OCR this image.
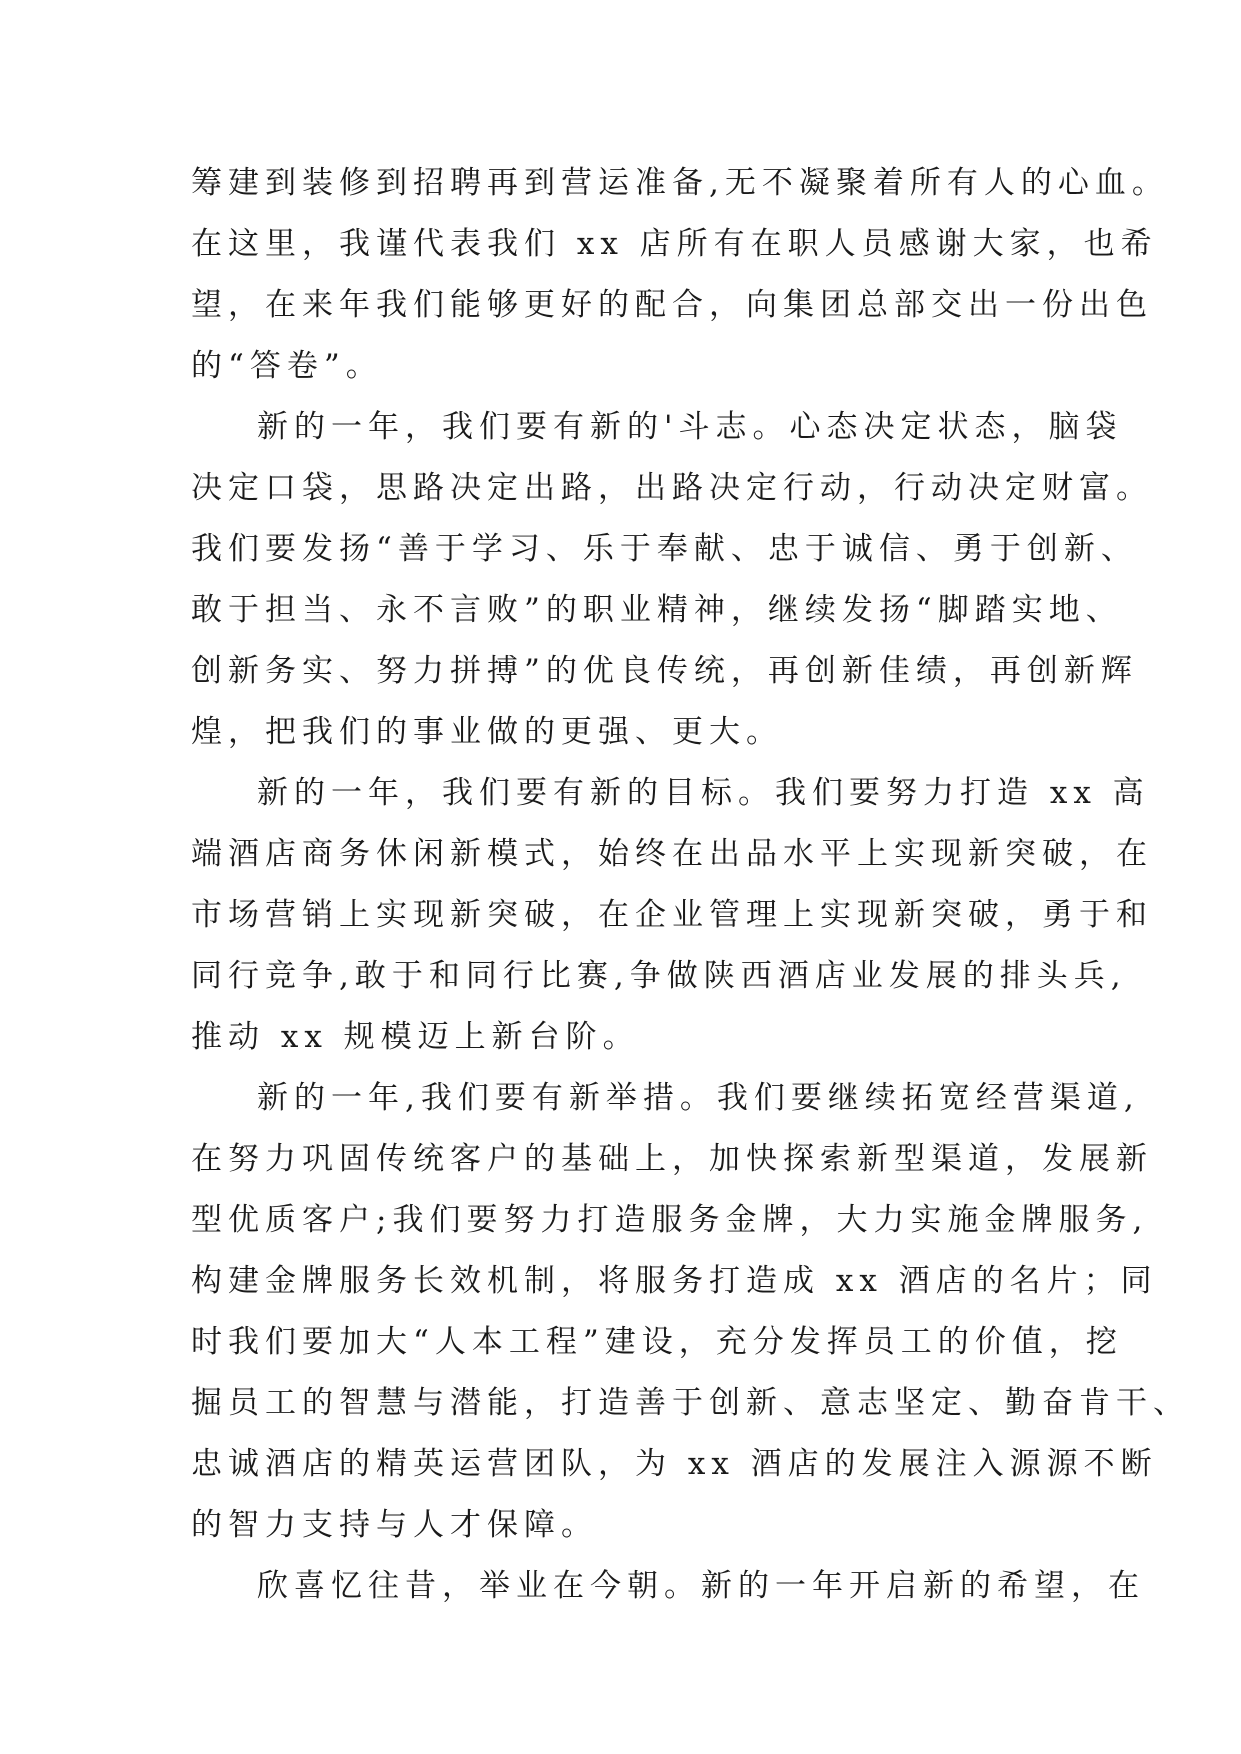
筹建到装修到招聘再到营运准备,无不凝聚着所有人的心血。
在这里，我谨代表我们 xx 店所有在职人员感谢大家，也希
望，在来年我们能够更好的配合，向集团总部交出一份出色
的“答卷”。
新的一年，我们要有新的'斗志。心态决定状态，脑袋
决定口袋，思路决定出路，出路决定行动，行动决定财富。
我们要发扬“善于学习、乐于奉献、忠于诚信、勇于创新、
敢于担当、永不言败”的职业精神，继续发扬“脚踏实地、
创新务实、努力拼搏”的优良传统，再创新佳绩，再创新辉
煌，把我们的事业做的更强、更大。
新的一年，我们要有新的目标。我们要努力打造 xx 高
端酒店商务休闲新模式，始终在出品水平上实现新突破，在
市场营销上实现新突破，在企业管理上实现新突破，勇于和
同行竞争,敢于和同行比赛,争做陕西酒店业发展的排头兵,
推动 xx 规模迈上新台阶。
新的一年,我们要有新举措。我们要继续拓宽经营渠道,
在努力巩固传统客户的基础上，加快探索新型渠道，发展新
型优质客户;我们要努力打造服务金牌，大力实施金牌服务,
构建金牌服务长效机制，将服务打造成 xx 酒店的名片；同
时我们要加大“人本工程”建设，充分发挥员工的价值，挖
掘员工的智慧与潜能，打造善于创新、意志坚定、勤奋肯干、
忠诚酒店的精英运营团队，为 xx 酒店的发展注入源源不断
的智力支持与人才保障。
欣喜忆往昔，举业在今朝。新的一年开启新的希望，在
